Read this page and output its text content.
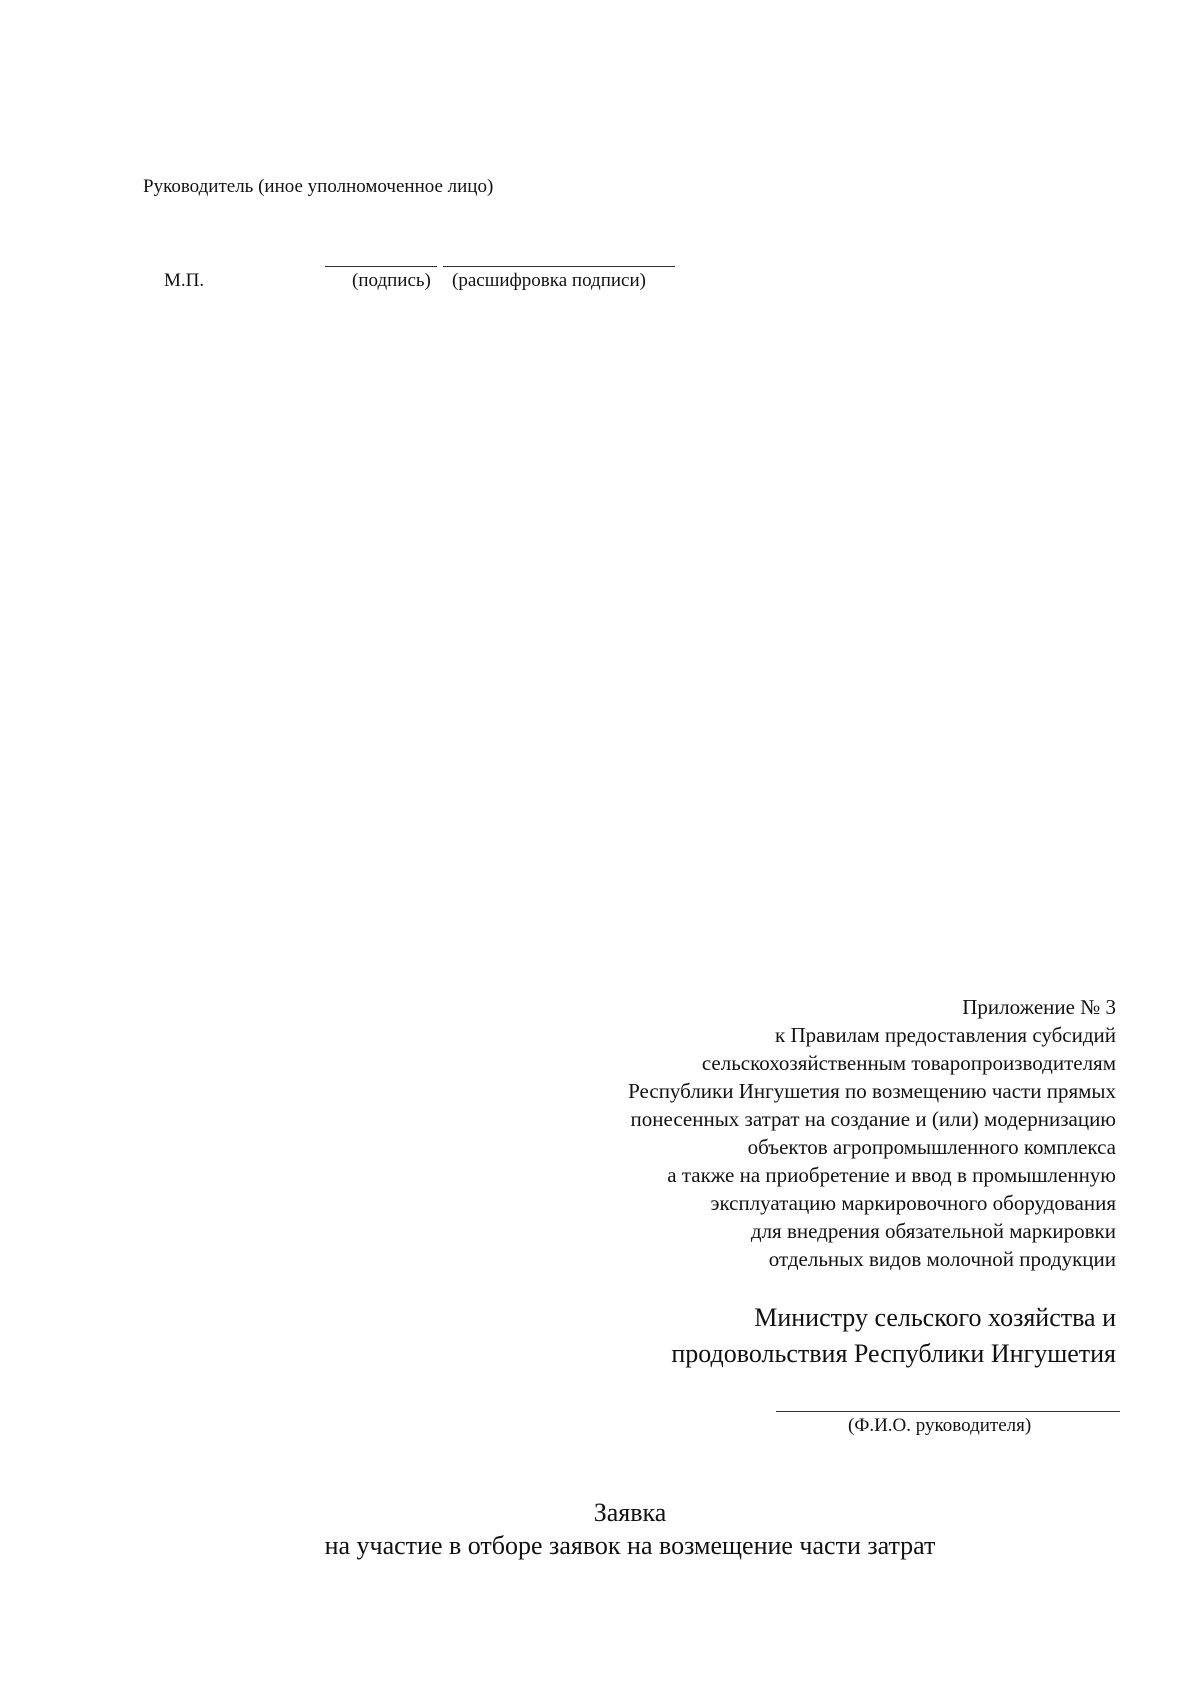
Руководитель (иное уполномоченное лицо)
М.П.	(подпись) (расшифровка подписи)
Приложение № 3
к Правилам предоставления субсидий
сельскохозяйственным товаропроизводителям
Республики Ингушетия по возмещению части прямых
понесенных затрат на создание и (или) модернизацию
объектов агропромышленного комплекса
а также на приобретение и ввод в промышленную
эксплуатацию маркировочного оборудования
для внедрения обязательной маркировки
отдельных видов молочной продукции
Министру сельского хозяйства и
продовольствия Республики Ингушетия
(Ф.И.О. руководителя)
Заявка
на участие в отборе заявок на возмещение части затрат
